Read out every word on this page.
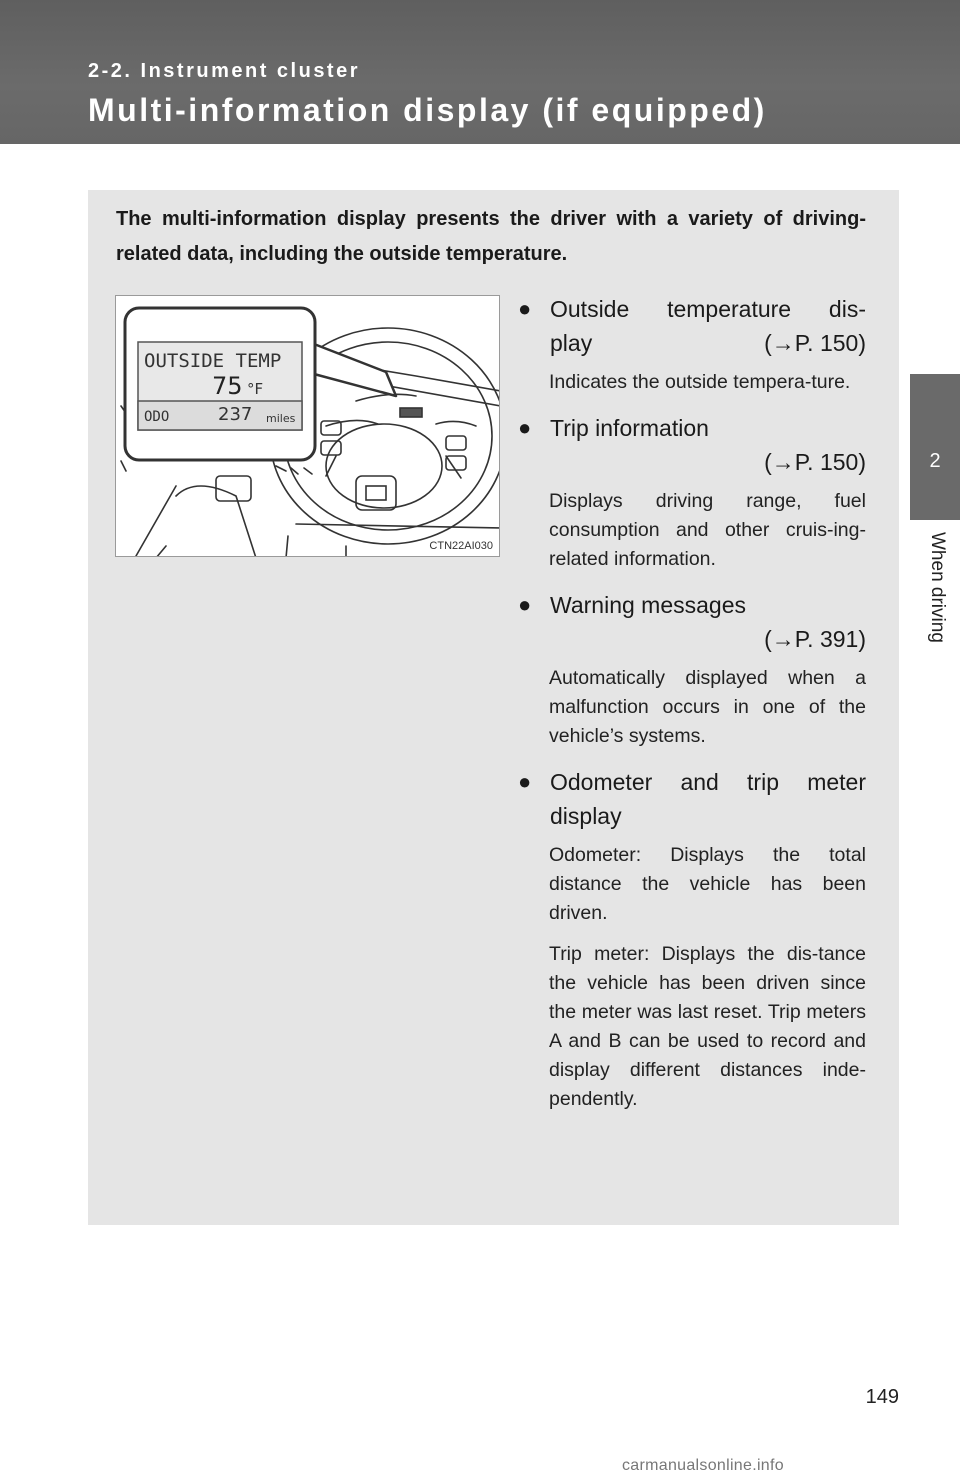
2-2. Instrument cluster
Multi-information display (if equipped)
2
When driving
The multi-information display presents the driver with a variety of driving-related data, including the outside temperature.
OUTSIDE TEMP
75 °F
ODO	237 miles
CTN22AI030
● Outside temperature dis-
play	(→P. 150)
Indicates the outside tempera-ture.
● Trip information
(→P. 150)
Displays driving range, fuel consumption and other cruis-ing-related information.
● Warning messages
(→P. 391)
Automatically displayed when a malfunction occurs in one of the vehicle’s systems.
● Odometer and trip meter
display
Odometer: Displays the total distance the vehicle has been driven.
Trip meter: Displays the dis-tance the vehicle has been driven since the meter was last reset. Trip meters A and B can be used to record and display different distances inde-pendently.
149
carmanualsonline.info
